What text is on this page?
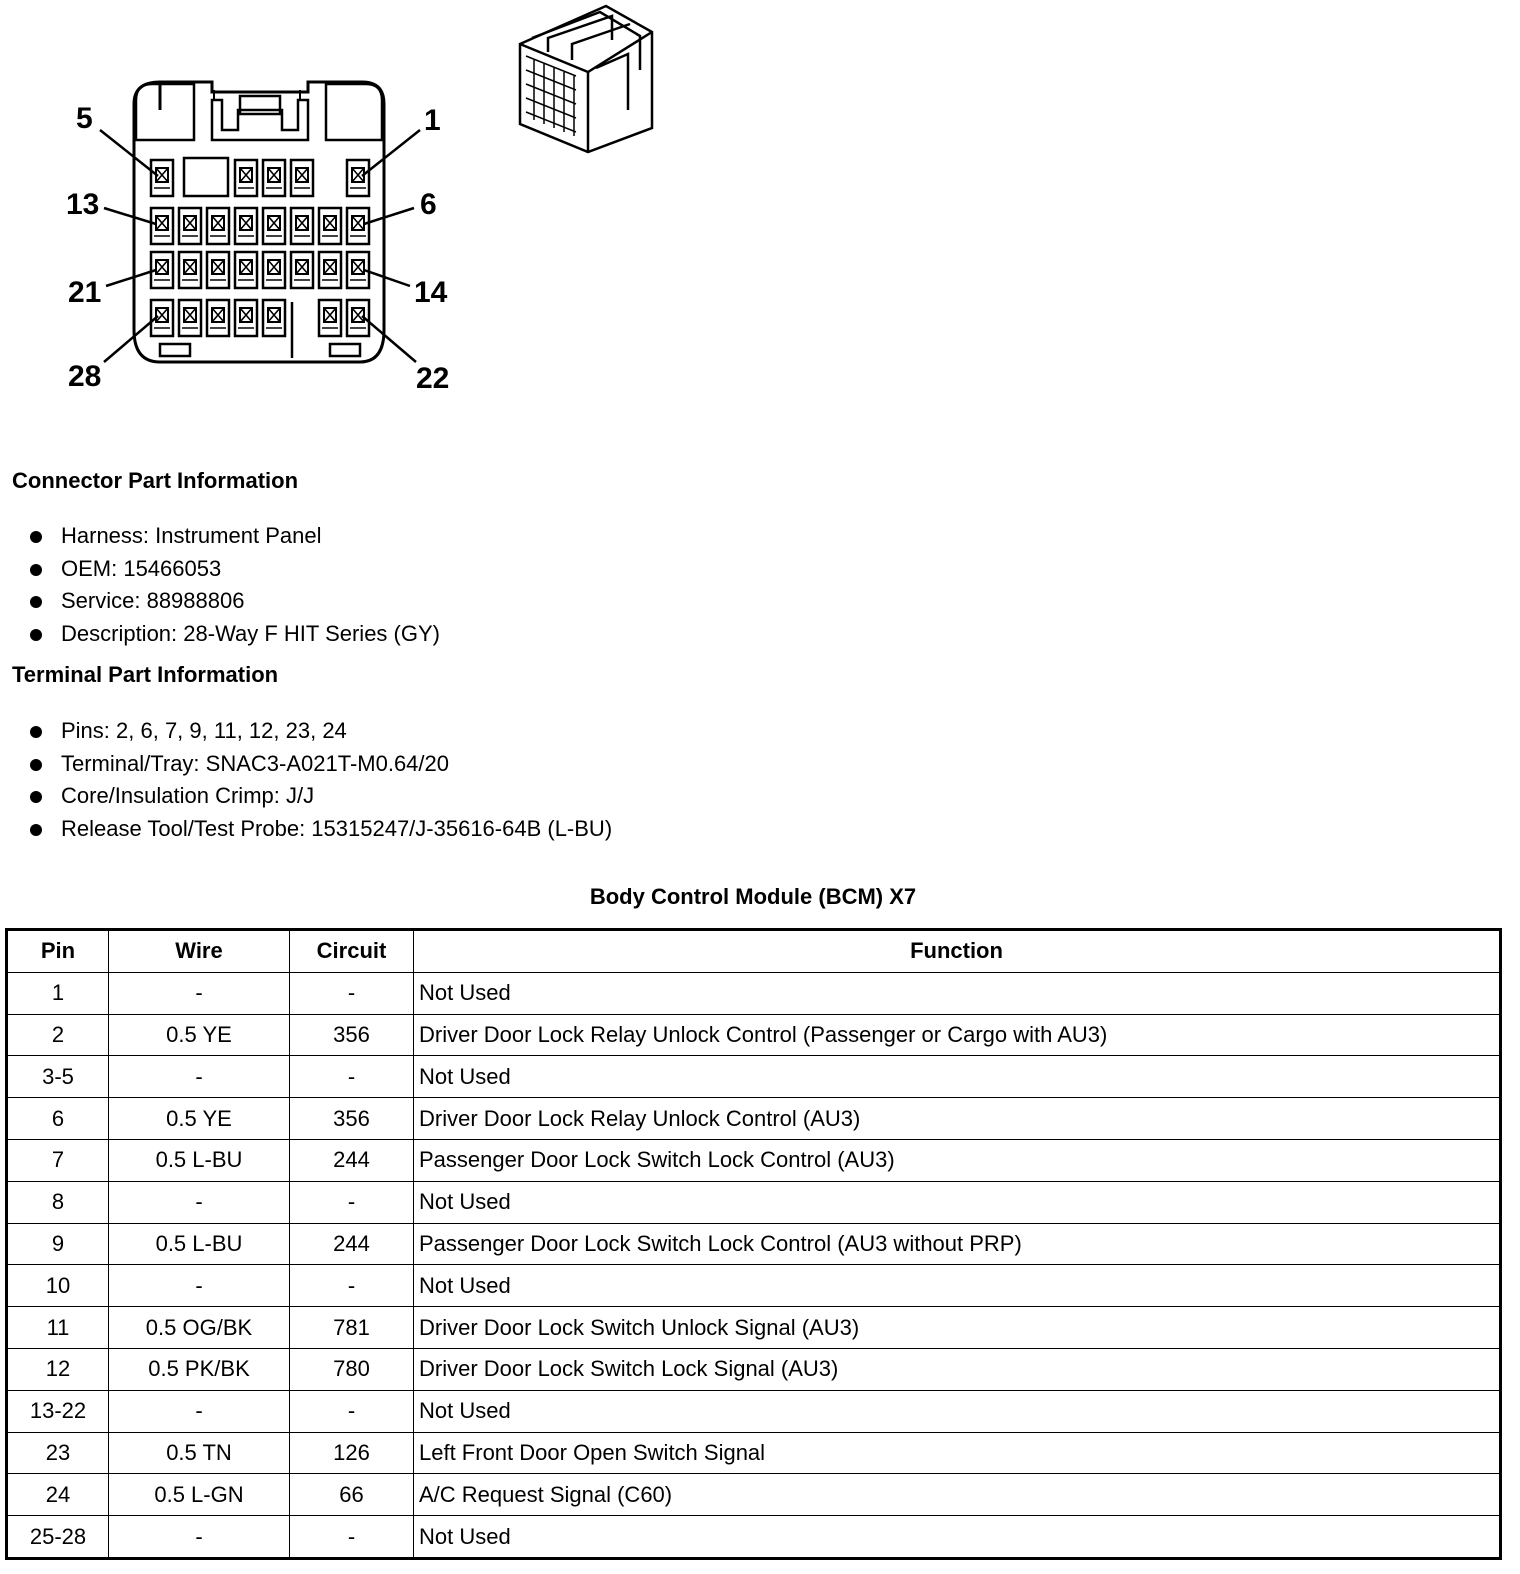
5	1
13	6
21	14
28	22
Connector Part Information
Harness: Instrument Panel
OEM: 15466053
Service: 88988806
Description: 28-Way F HIT Series (GY)
Terminal Part Information
Pins: 2, 6, 7, 9, 11, 12, 23, 24
Terminal/Tray: SNAC3-A021T-M0.64/20
Core/Insulation Crimp: J/J
Release Tool/Test Probe: 15315247/J-35616-64B (L-BU)
Body Control Module (BCM) X7
Pin	Wire	Circuit	Function
1	-	-	Not Used
2	0.5 YE	356	Driver Door Lock Relay Unlock Control (Passenger or Cargo with AU3)
3-5	-	-	Not Used
6	0.5 YE	356	Driver Door Lock Relay Unlock Control (AU3)
7	0.5 L-BU	244	Passenger Door Lock Switch Lock Control (AU3)
8	-	-	Not Used
9	0.5 L-BU	244	Passenger Door Lock Switch Lock Control (AU3 without PRP)
10	-	-	Not Used
11	0.5 OG/BK	781	Driver Door Lock Switch Unlock Signal (AU3)
12	0.5 PK/BK	780	Driver Door Lock Switch Lock Signal (AU3)
13-22	-	-	Not Used
23	0.5 TN	126	Left Front Door Open Switch Signal
24	0.5 L-GN	66	A/C Request Signal (C60)
25-28	-	-	Not Used
